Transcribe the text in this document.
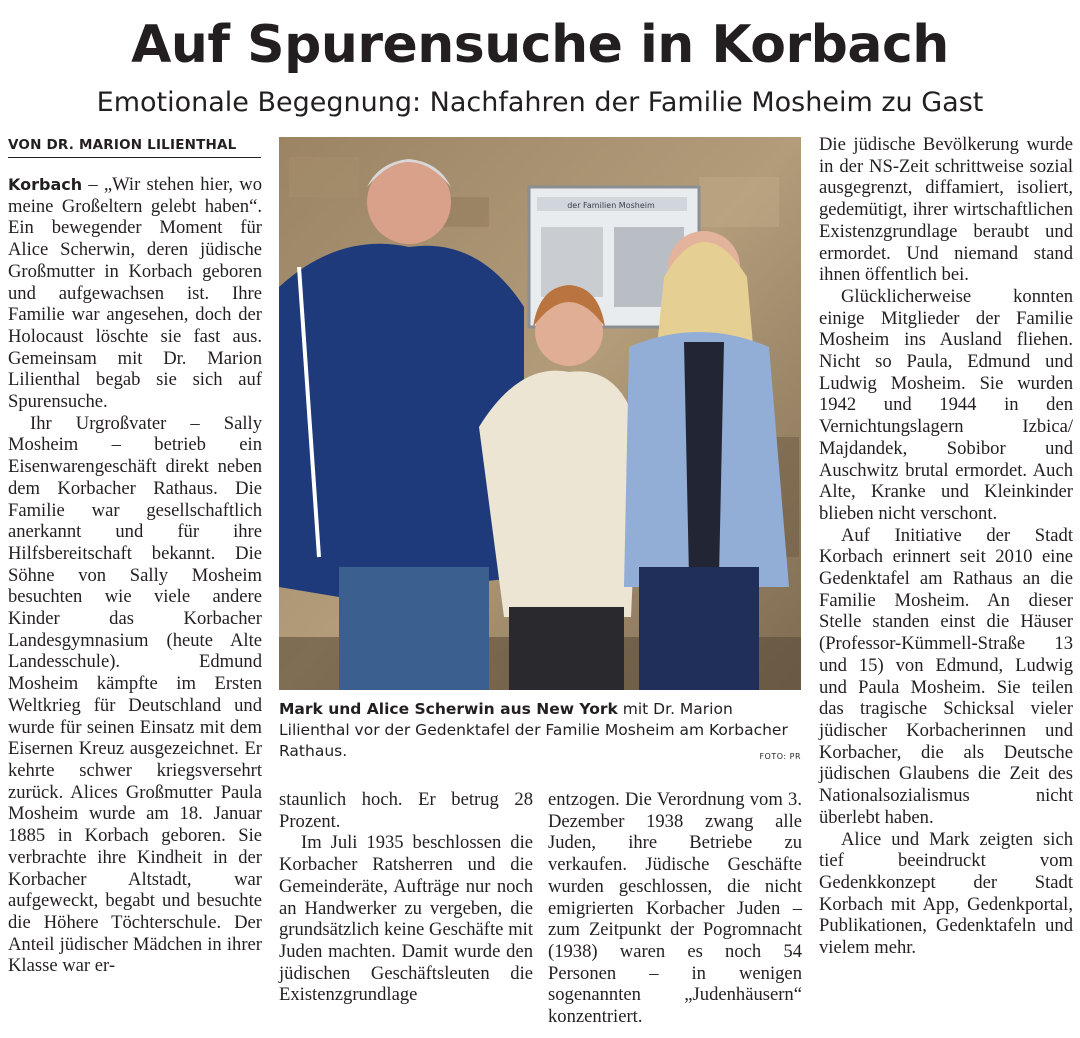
Auf Spurensuche in Korbach
Emotionale Begegnung: Nachfahren der Familie Mosheim zu Gast
VON DR. MARION LILIENTHAL

Korbach – „Wir stehen hier, wo meine Großeltern gelebt haben“. Ein bewegender Moment für Alice Scherwin, deren jüdische Großmutter in Korbach geboren und aufgewachsen ist. Ihre Familie war angesehen, doch der Holocaust löschte sie fast aus. Gemeinsam mit Dr. Marion Lilienthal begab sie sich auf Spurensuche.

Ihr Urgroßvater – Sally Mosheim – betrieb ein Eisenwarengeschäft direkt neben dem Korbacher Rathaus. Die Familie war gesellschaftlich anerkannt und für ihre Hilfsbereitschaft bekannt. Die Söhne von Sally Mosheim besuchten wie viele andere Kinder das Korbacher Landesgymnasium (heute Alte Landesschule). Edmund Mosheim kämpfte im Ersten Weltkrieg für Deutschland und wurde für seinen Einsatz mit dem Eisernen Kreuz ausgezeichnet. Er kehrte schwer kriegsversehrt zurück. Alices Großmutter Paula Mosheim wurde am 18. Januar 1885 in Korbach geboren. Sie verbrachte ihre Kindheit in der Korbacher Altstadt, war aufgeweckt, begabt und besuchte die Höhere Töchterschule. Der Anteil jüdischer Mädchen in ihrer Klasse war er-

der Familien Mosheim
Mark und Alice Scherwin aus New York mit Dr. Marion Lilienthal vor der Gedenktafel der Familie Mosheim am Korbacher Rathaus.	FOTO: PR

staunlich hoch. Er betrug 28 Prozent.

Im Juli 1935 beschlossen die Korbacher Ratsherren und die Gemeinderäte, Aufträge nur noch an Handwerker zu vergeben, die grundsätzlich keine Geschäfte mit Juden machten. Damit wurde den jüdischen Geschäftsleuten die Existenzgrundlage

entzogen. Die Verordnung vom 3. Dezember 1938 zwang alle Juden, ihre Betriebe zu verkaufen. Jüdische Geschäfte wurden geschlossen, die nicht emigrierten Korbacher Juden – zum Zeitpunkt der Pogromnacht (1938) waren es noch 54 Personen – in wenigen sogenannten „Judenhäusern“ konzentriert.

Die jüdische Bevölkerung wurde in der NS-Zeit schrittweise sozial ausgegrenzt, diffamiert, isoliert, gedemütigt, ihrer wirtschaftlichen Existenzgrundlage beraubt und ermordet. Und niemand stand ihnen öffentlich bei.

Glücklicherweise konnten einige Mitglieder der Familie Mosheim ins Ausland fliehen. Nicht so Paula, Edmund und Ludwig Mosheim. Sie wurden 1942 und 1944 in den Vernichtungslagern Izbica/ Majdandek, Sobibor und Auschwitz brutal ermordet. Auch Alte, Kranke und Kleinkinder blieben nicht verschont.

Auf Initiative der Stadt Korbach erinnert seit 2010 eine Gedenktafel am Rathaus an die Familie Mosheim. An dieser Stelle standen einst die Häuser (Professor-Kümmell-Straße 13 und 15) von Edmund, Ludwig und Paula Mosheim. Sie teilen das tragische Schicksal vieler jüdischer Korbacherinnen und Korbacher, die als Deutsche jüdischen Glaubens die Zeit des Nationalsozialismus nicht überlebt haben.

Alice und Mark zeigten sich tief beeindruckt vom Gedenkkonzept der Stadt Korbach mit App, Gedenkportal, Publikationen, Gedenktafeln und vielem mehr.
